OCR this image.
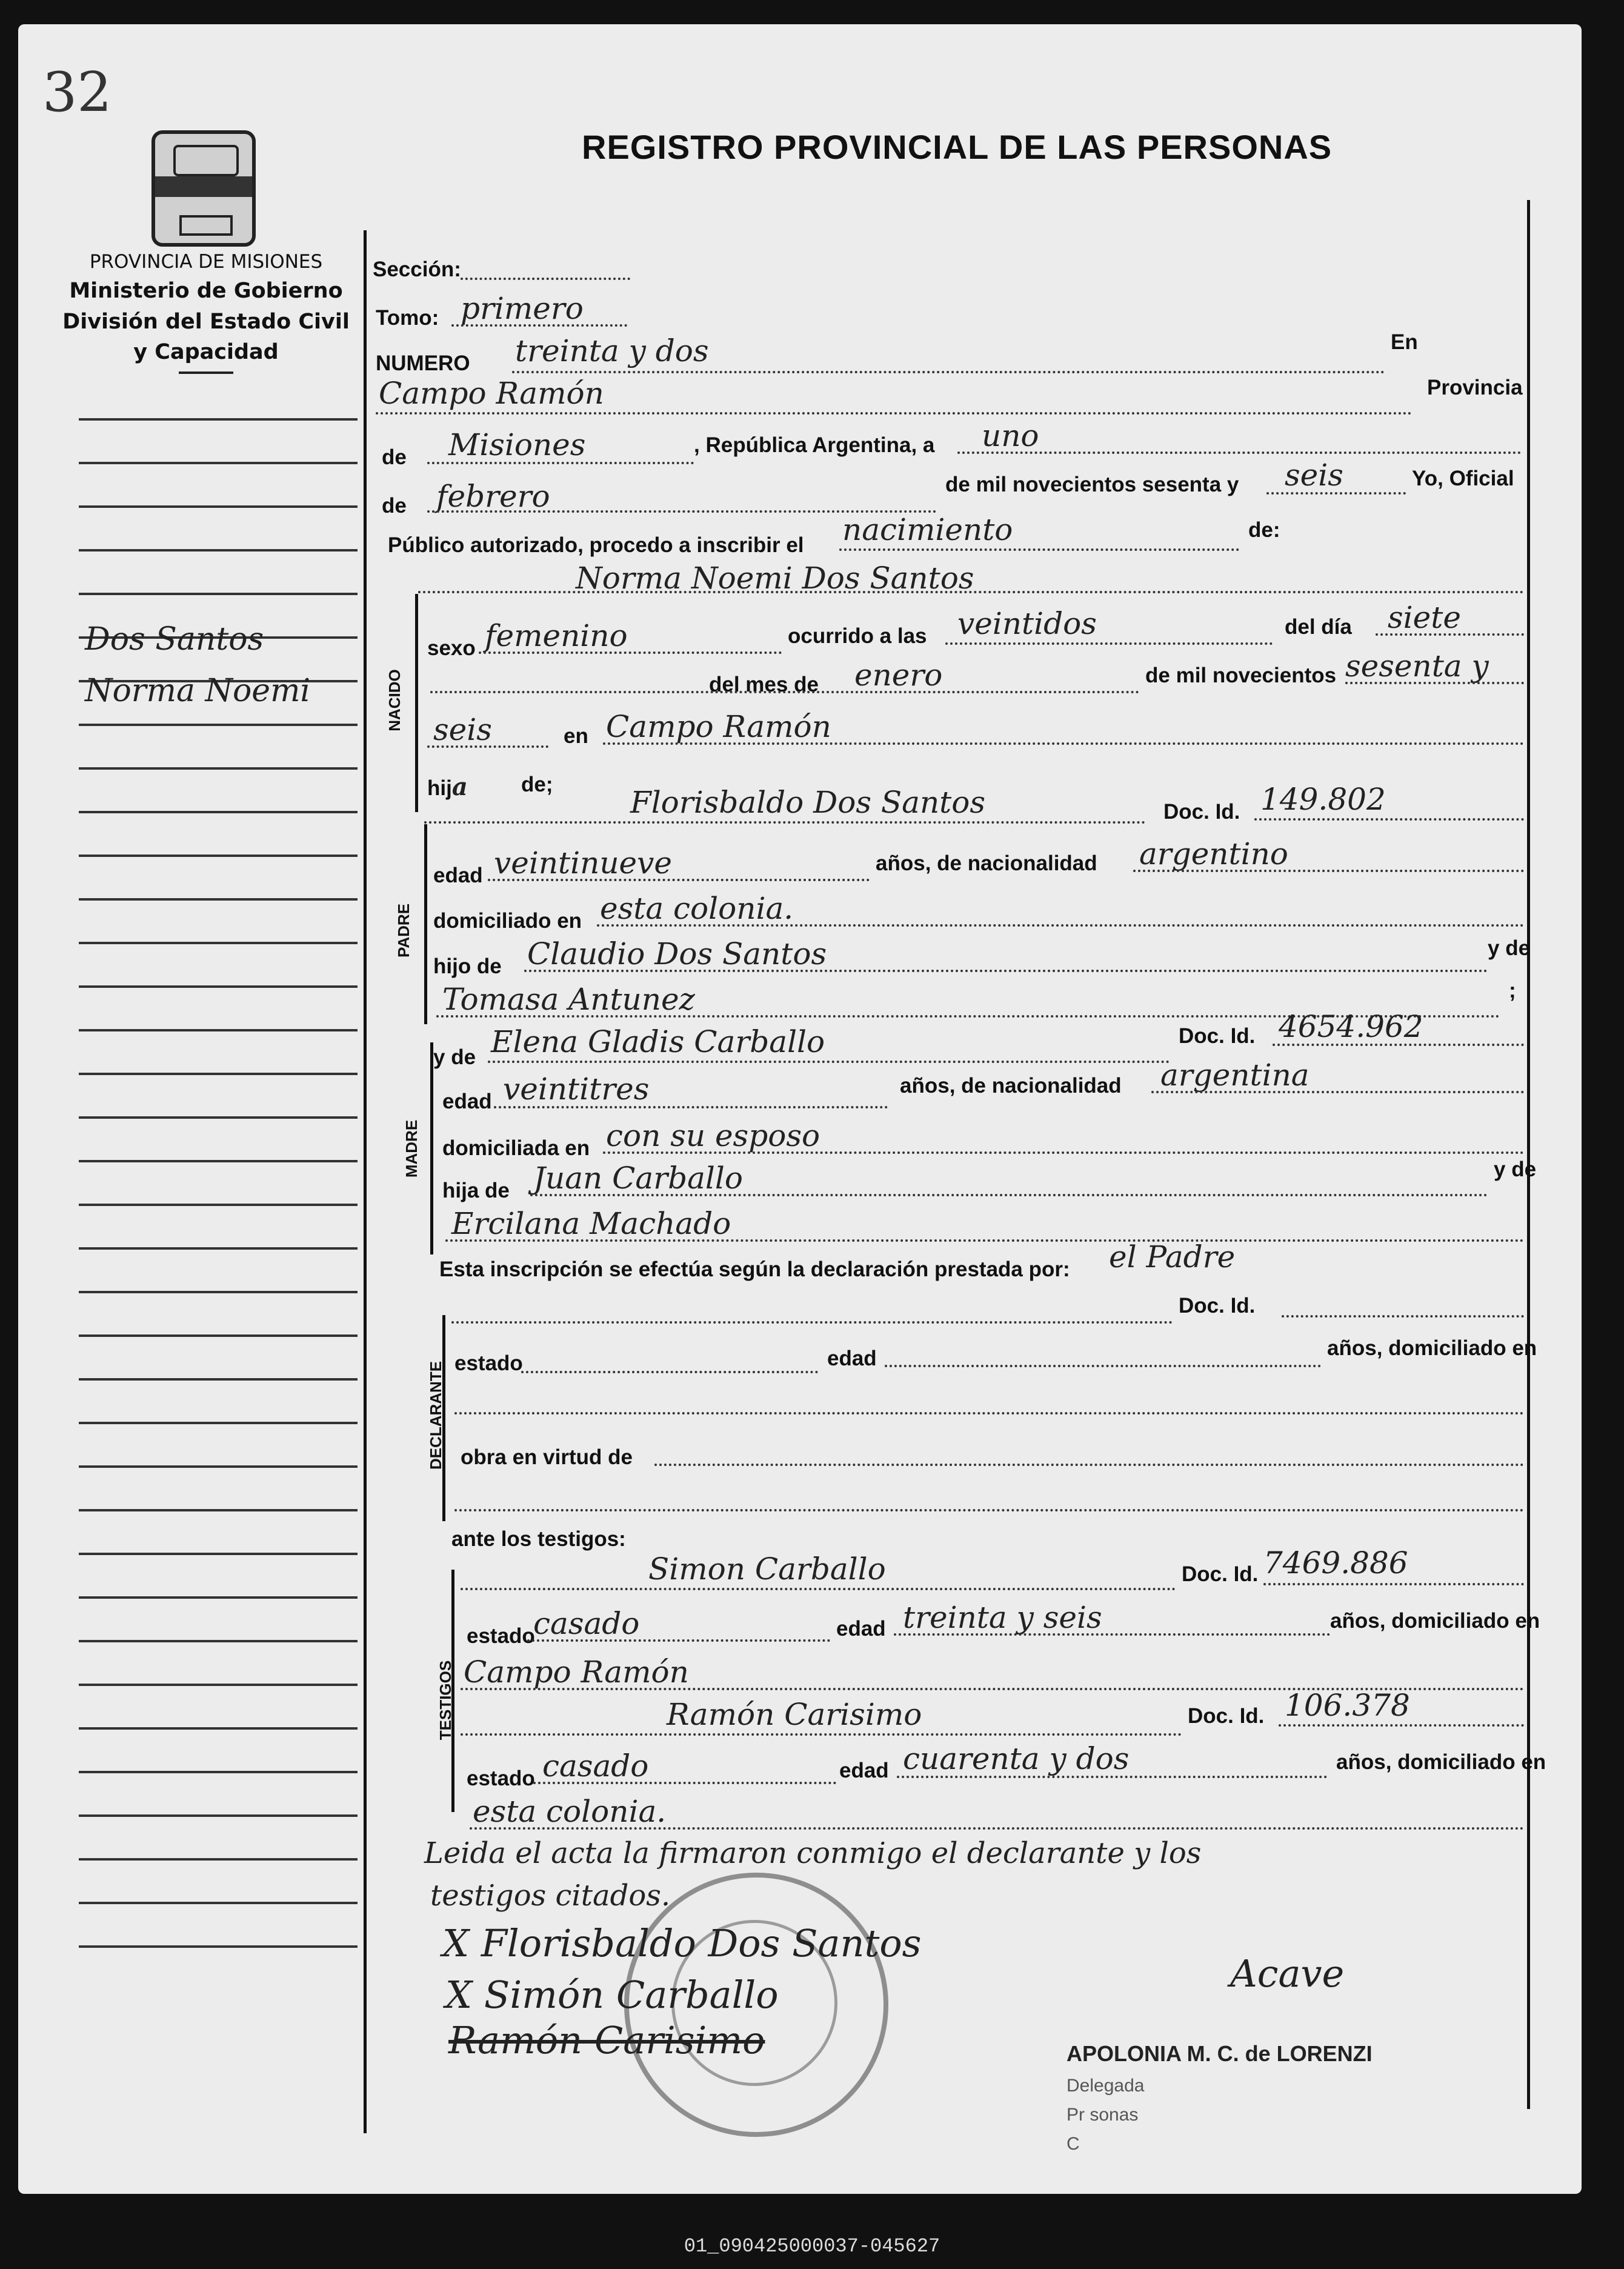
32
PROVINCIA DE MISIONES
Ministerio de Gobierno
División del Estado Civil
y Capacidad
REGISTRO PROVINCIAL DE LAS PERSONAS
Dos Santos
Norma Noemi	NACIDO
PADRE
MADRE
DECLARANTE
TESTIGOS
Sección:
Tomo: primero
NUMERO treinta y dos	En
Campo Ramón	Provincia
de Misiones	, República Argentina, a uno
de febrero	de mil novecientos sesenta y seis	Yo, Oficial
Público autorizado, procedo a inscribir el nacimiento	de:
Norma Noemi Dos Santos
sexo femenino	ocurrido a las veintidos	del día siete
del mes de enero	de mil novecientos sesenta y
seis	en Campo Ramón
hija	de;
Florisbaldo Dos Santos	Doc. Id. 149.802
edad veintinueve	años, de nacionalidad argentino
domiciliado en esta colonia.
hijo de Claudio Dos Santos	y de
Tomasa Antunez	;
y de Elena Gladis Carballo	Doc. Id. 4654.962
edad veintitres	años, de nacionalidad argentina
domiciliada en con su esposo
hija de Juan Carballo	y de
Ercilana Machado
Esta inscripción se efectúa según la declaración prestada por: el Padre
Doc. Id.
estado	edad	años, domiciliado en
obra en virtud de
ante los testigos:
Simon Carballo	Doc. Id. 7469.886
estado
casado	edad treinta y seis	años, domiciliado en
Campo Ramón
Ramón Carisimo	Doc. Id. 106.378
estado casado	edad cuarenta y dos	años, domiciliado en
esta colonia.
Leida el acta la firmaron conmigo el declarante y los
testigos citados.
X Florisbaldo Dos Santos
X Simón Carballo
Ramón Carisimo
Acave
APOLONIA M. C. de LORENZI
Delegada
Pr sonas
C
01_090425000037-045627
